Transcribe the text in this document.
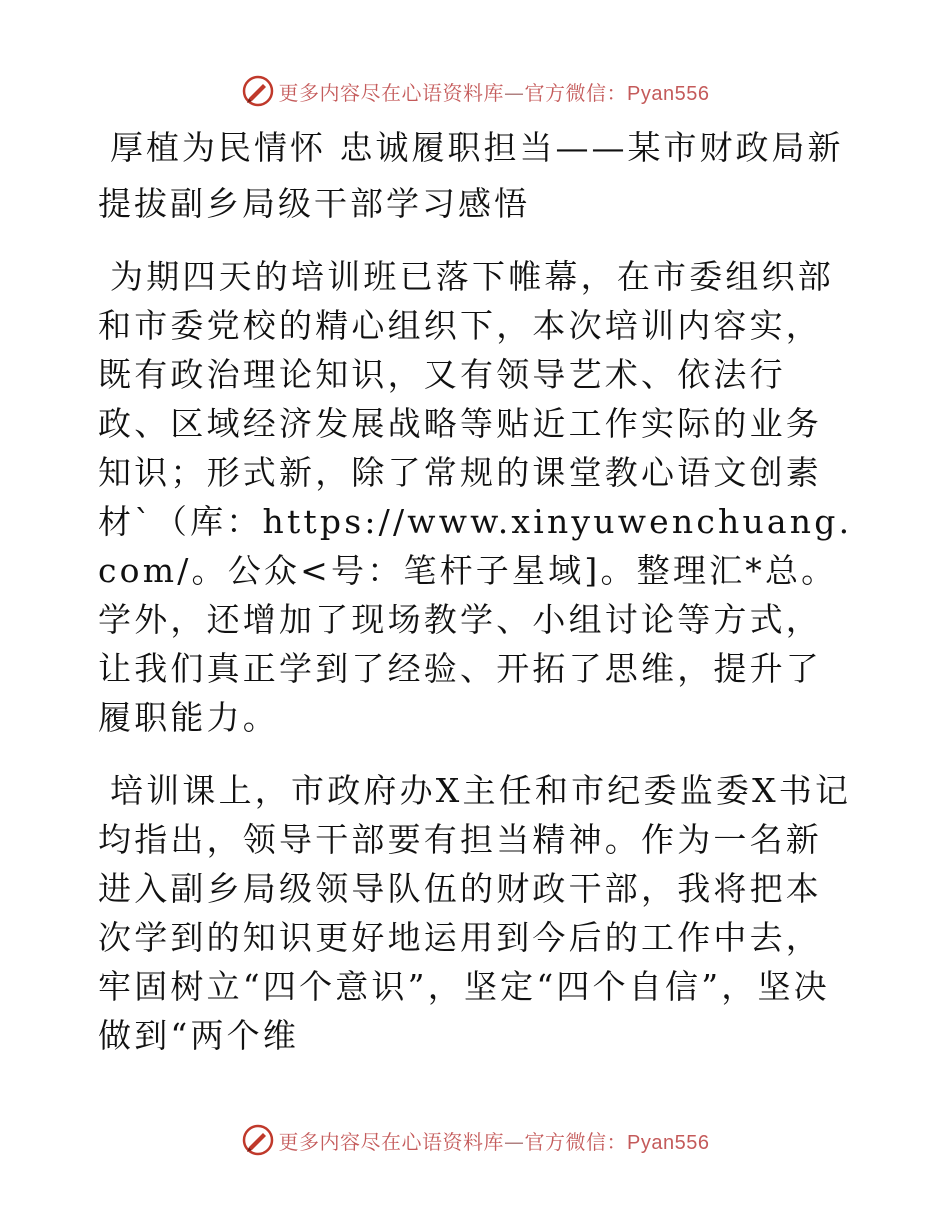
更多内容尽在心语资料库—官方微信：Pyan556
厚植为民情怀 忠诚履职担当——某市财政局新提拔副乡局级干部学习感悟

为期四天的培训班已落下帷幕，在市委组织部和市委党校的精心组织下，本次培训内容实，既有政治理论知识，又有领导艺术、依法行政、区域经济发展战略等贴近工作实际的业务知识；形式新，除了常规的课堂教心语文创素材`（库：https://www.xinyuwenchuang.com/。公众<号：笔杆子星域]。整理汇*总。学外，还增加了现场教学、小组讨论等方式，让我们真正学到了经验、开拓了思维，提升了履职能力。

培训课上，市政府办X主任和市纪委监委X书记均指出，领导干部要有担当精神。作为一名新进入副乡局级领导队伍的财政干部，我将把本次学到的知识更好地运用到今后的工作中去，牢固树立“四个意识”，坚定“四个自信”，坚决做到“两个维

更多内容尽在心语资料库—官方微信：Pyan556
